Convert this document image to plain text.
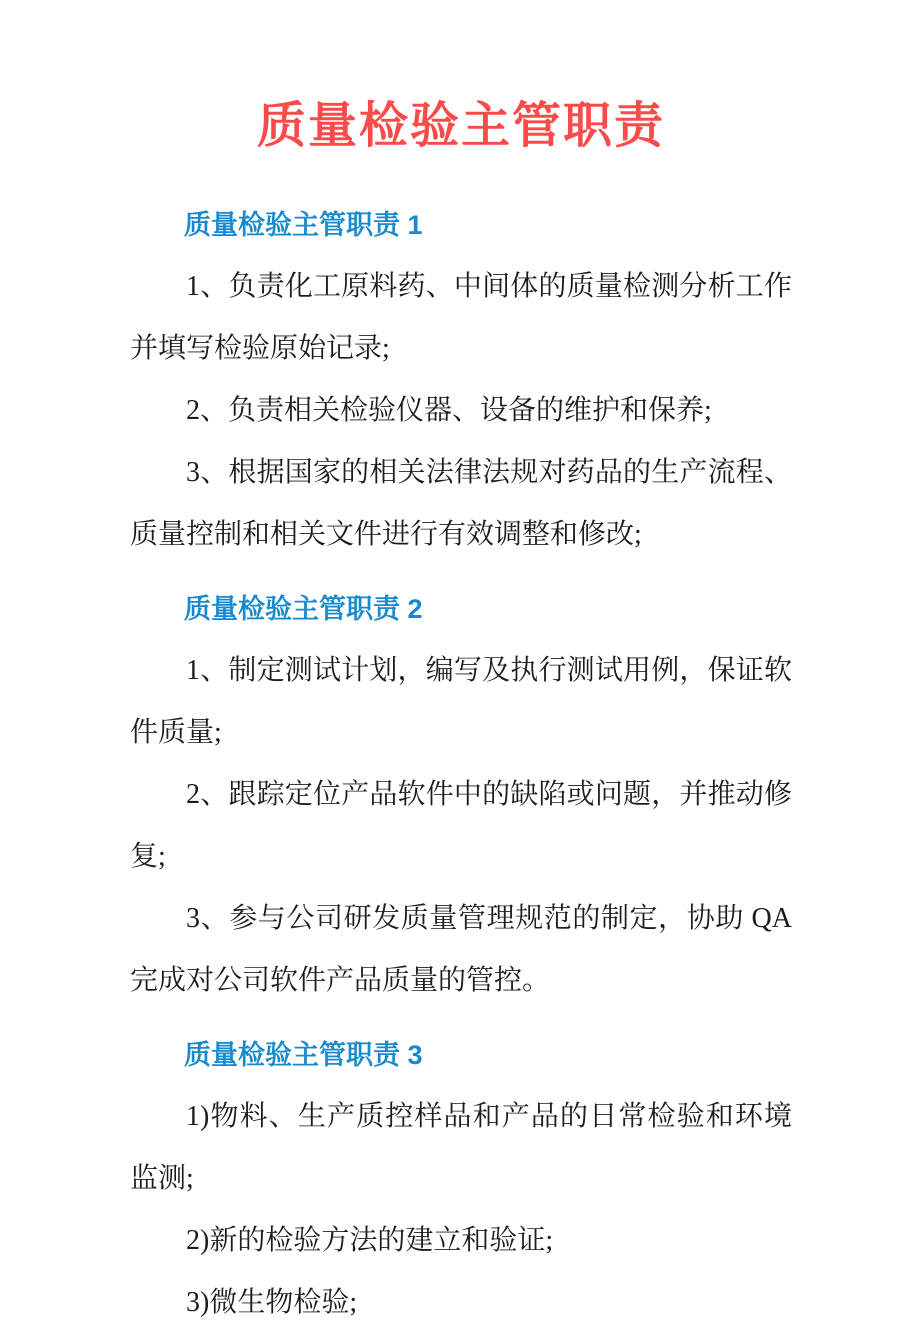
质量检验主管职责
质量检验主管职责 1

1、负责化工原料药、中间体的质量检测分析工作并填写检验原始记录;

2、负责相关检验仪器、设备的维护和保养;

3、根据国家的相关法律法规对药品的生产流程、质量控制和相关文件进行有效调整和修改;

质量检验主管职责 2

1、制定测试计划，编写及执行测试用例，保证软件质量;

2、跟踪定位产品软件中的缺陷或问题，并推动修复;

3、参与公司研发质量管理规范的制定，协助 QA 完成对公司软件产品质量的管控。

质量检验主管职责 3

1)物料、生产质控样品和产品的日常检验和环境监测;

2)新的检验方法的建立和验证;

3)微生物检验;
